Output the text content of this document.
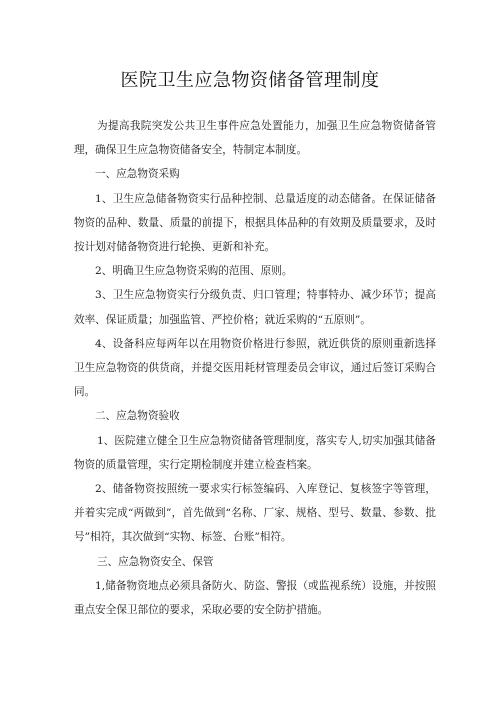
医院卫生应急物资储备管理制度

为提高我院突发公共卫生事件应急处置能力，加强卫生应急物资储备管理，确保卫生应急物资储备安全，特制定本制度。

一、应急物资采购

1、卫生应急储备物资实行品种控制、总量适度的动态储备。在保证储备物资的品种、数量、质量的前提下，根据具体品种的有效期及质量要求，及时按计划对储备物资进行轮换、更新和补充。

2、明确卫生应急物资采购的范围、原则。

3、卫生应急物资实行分级负责、归口管理；特事特办、减少环节；提高效率、保证质量；加强监管、严控价格；就近采购的“五原则”。

4、设备科应每两年以在用物资价格进行参照，就近供货的原则重新选择卫生应急物资的供货商，并提交医用耗材管理委员会审议，通过后签订采购合同。

二、应急物资验收

1、医院建立健全卫生应急物资储备管理制度，落实专人,切实加强其储备物资的质量管理，实行定期检制度并建立检查档案。

2、储备物资按照统一要求实行标签编码、入库登记、复核签字等管理，并着实完成“两做到”，首先做到“名称、厂家、规格、型号、数量、参数、批号”相符，其次做到“实物、标签、台账”相符。

三、应急物资安全、保管

1,储备物资地点必须具备防火、防盗、警报（或监视系统）设施，并按照重点安全保卫部位的要求，采取必要的安全防护措施。
